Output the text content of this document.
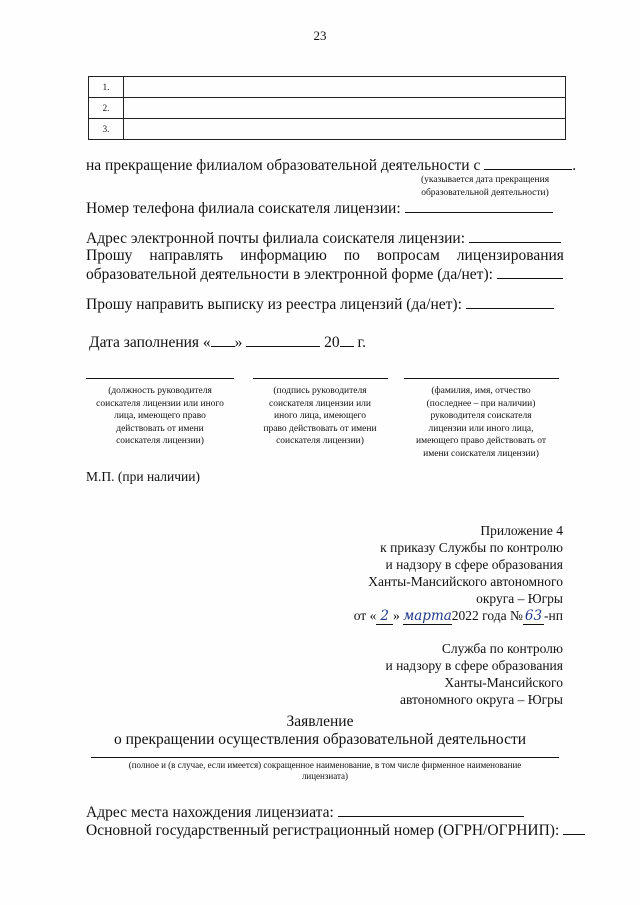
23
1.	
2.	
3.	
на прекращение филиалом образовательной деятельности с	.
(указывается дата прекращения
образовательной деятельности)
Номер телефона филиала соискателя лицензии:
Адрес электронной почты филиала соискателя лицензии:
Прошу направлять информацию по вопросам лицензирования
образовательной деятельности в электронной форме (да/нет):
Прошу направить выписку из реестра лицензий (да/нет):
Дата заполнения « »	20 г.
(должность руководителя
соискателя лицензии или иного
лица, имеющего право
действовать от имени
соискателя лицензии)
(подпись руководителя
соискателя лицензии или
иного лица, имеющего
право действовать от имени
соискателя лицензии)
(фамилия, имя, отчество
(последнее – при наличии)
руководителя соискателя
лицензии или иного лица,
имеющего право действовать от
имени соискателя лицензии)
М.П. (при наличии)
Приложение 4
к приказу Службы по контролю
и надзору в сфере образования
Ханты-Мансийского автономного
округа – Югры
от « 2 » марта2022 года № 63 -нп
Служба по контролю
и надзору в сфере образования
Ханты-Мансийского
автономного округа – Югры
Заявление
о прекращении осуществления образовательной деятельности
(полное и (в случае, если имеется) сокращенное наименование, в том числе фирменное наименование
лицензиата)
Адрес места нахождения лицензиата:
Основной государственный регистрационный номер (ОГРН/ОГРНИП):
